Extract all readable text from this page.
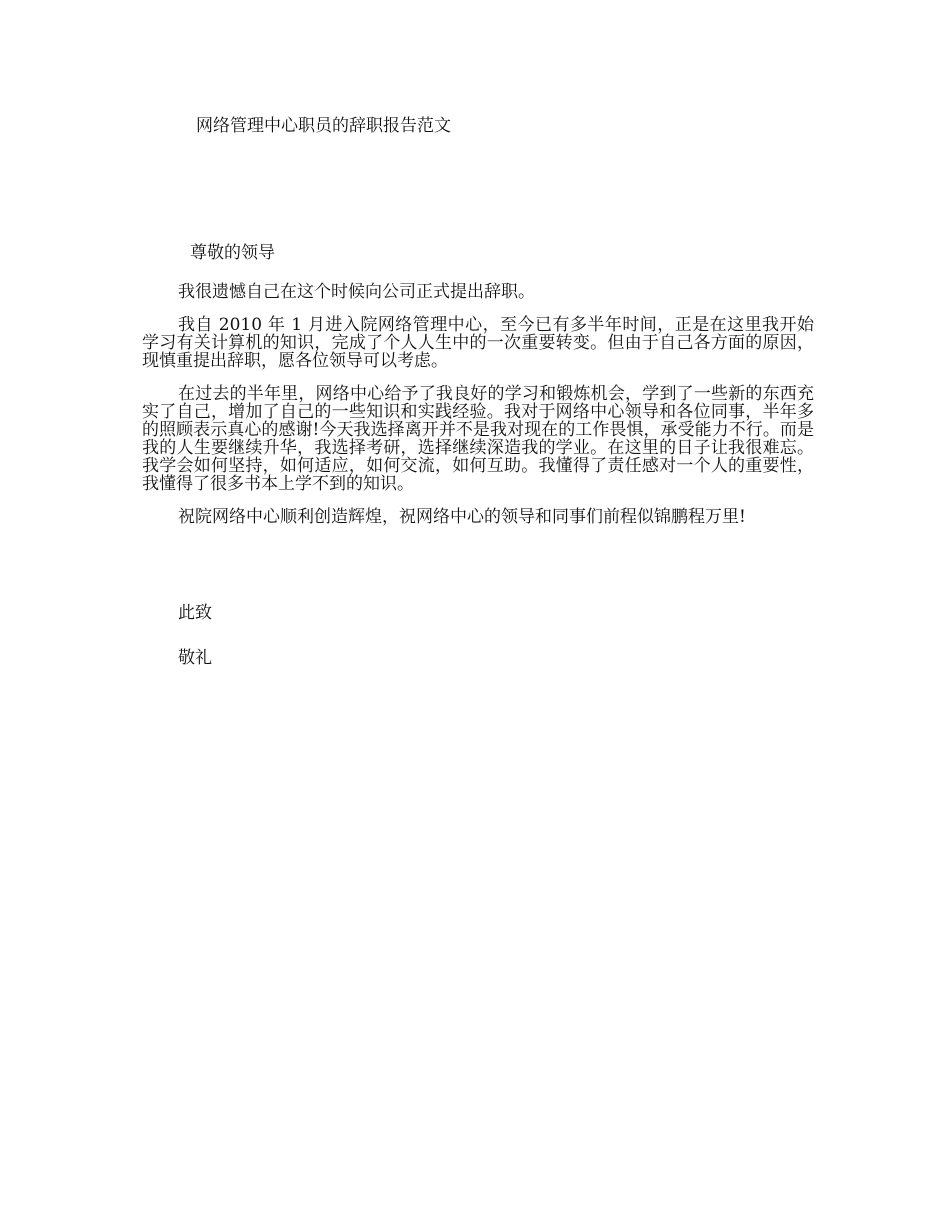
网络管理中心职员的辞职报告范文
尊敬的领导

我很遗憾自己在这个时候向公司正式提出辞职。

我自 2010 年 1 月进入院网络管理中心，至今已有多半年时间，正是在这里我开始学习有关计算机的知识，完成了个人人生中的一次重要转变。但由于自己各方面的原因，现慎重提出辞职，愿各位领导可以考虑。

在过去的半年里，网络中心给予了我良好的学习和锻炼机会，学到了一些新的东西充实了自己，增加了自己的一些知识和实践经验。我对于网络中心领导和各位同事，半年多的照顾表示真心的感谢!今天我选择离开并不是我对现在的工作畏惧，承受能力不行。而是我的人生要继续升华，我选择考研，选择继续深造我的学业。在这里的日子让我很难忘。我学会如何坚持，如何适应，如何交流，如何互助。我懂得了责任感对一个人的重要性，我懂得了很多书本上学不到的知识。

祝院网络中心顺利创造辉煌，祝网络中心的领导和同事们前程似锦鹏程万里!

此致
敬礼
